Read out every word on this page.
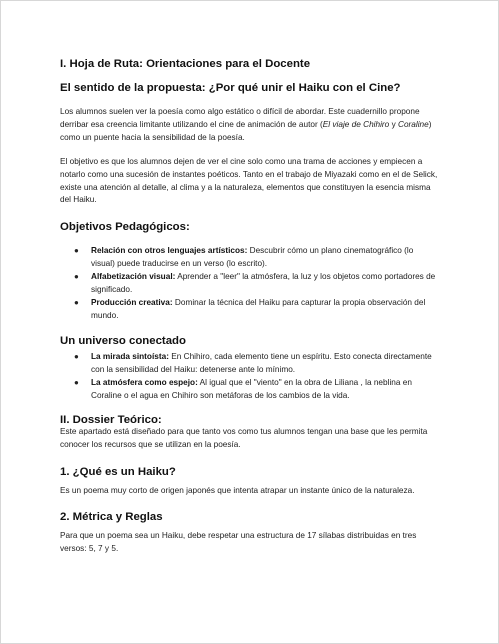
I. Hoja de Ruta: Orientaciones para el Docente
El sentido de la propuesta: ¿Por qué unir el Haiku con el Cine?

Los alumnos suelen ver la poesía como algo estático o difícil de abordar. Este cuadernillo propone derribar esa creencia limitante utilizando el cine de animación de autor (El viaje de Chihiro y Coraline) como un puente hacia la sensibilidad de la poesía.

El objetivo es que los alumnos dejen de ver el cine solo como una trama de acciones y empiecen a notarlo como una sucesión de instantes poéticos. Tanto en el trabajo de Miyazaki como en el de Selick, existe una atención al detalle, al clima y a la naturaleza, elementos que constituyen la esencia misma del Haiku.

Objetivos Pedagógicos:
● Relación con otros lenguajes artísticos: Descubrir cómo un plano cinematográfico (lo visual) puede traducirse en un verso (lo escrito).
● Alfabetización visual: Aprender a "leer" la atmósfera, la luz y los objetos como portadores de significado.
● Producción creativa: Dominar la técnica del Haiku para capturar la propia observación del mundo.
Un universo conectado
● La mirada sintoísta: En Chihiro, cada elemento tiene un espíritu. Esto conecta directamente con la sensibilidad del Haiku: detenerse ante lo mínimo.
● La atmósfera como espejo: Al igual que el "viento" en la obra de Liliana , la neblina en Coraline o el agua en Chihiro son metáforas de los cambios de la vida.
II. Dossier Teórico:

Este apartado está diseñado para que tanto vos como tus alumnos tengan una base que les permita conocer los recursos que se utilizan en la poesía.

1. ¿Qué es un Haiku?

Es un poema muy corto de origen japonés que intenta atrapar un instante único de la naturaleza.

2. Métrica y Reglas

Para que un poema sea un Haiku, debe respetar una estructura de 17 sílabas distribuidas en tres versos: 5, 7 y 5.
